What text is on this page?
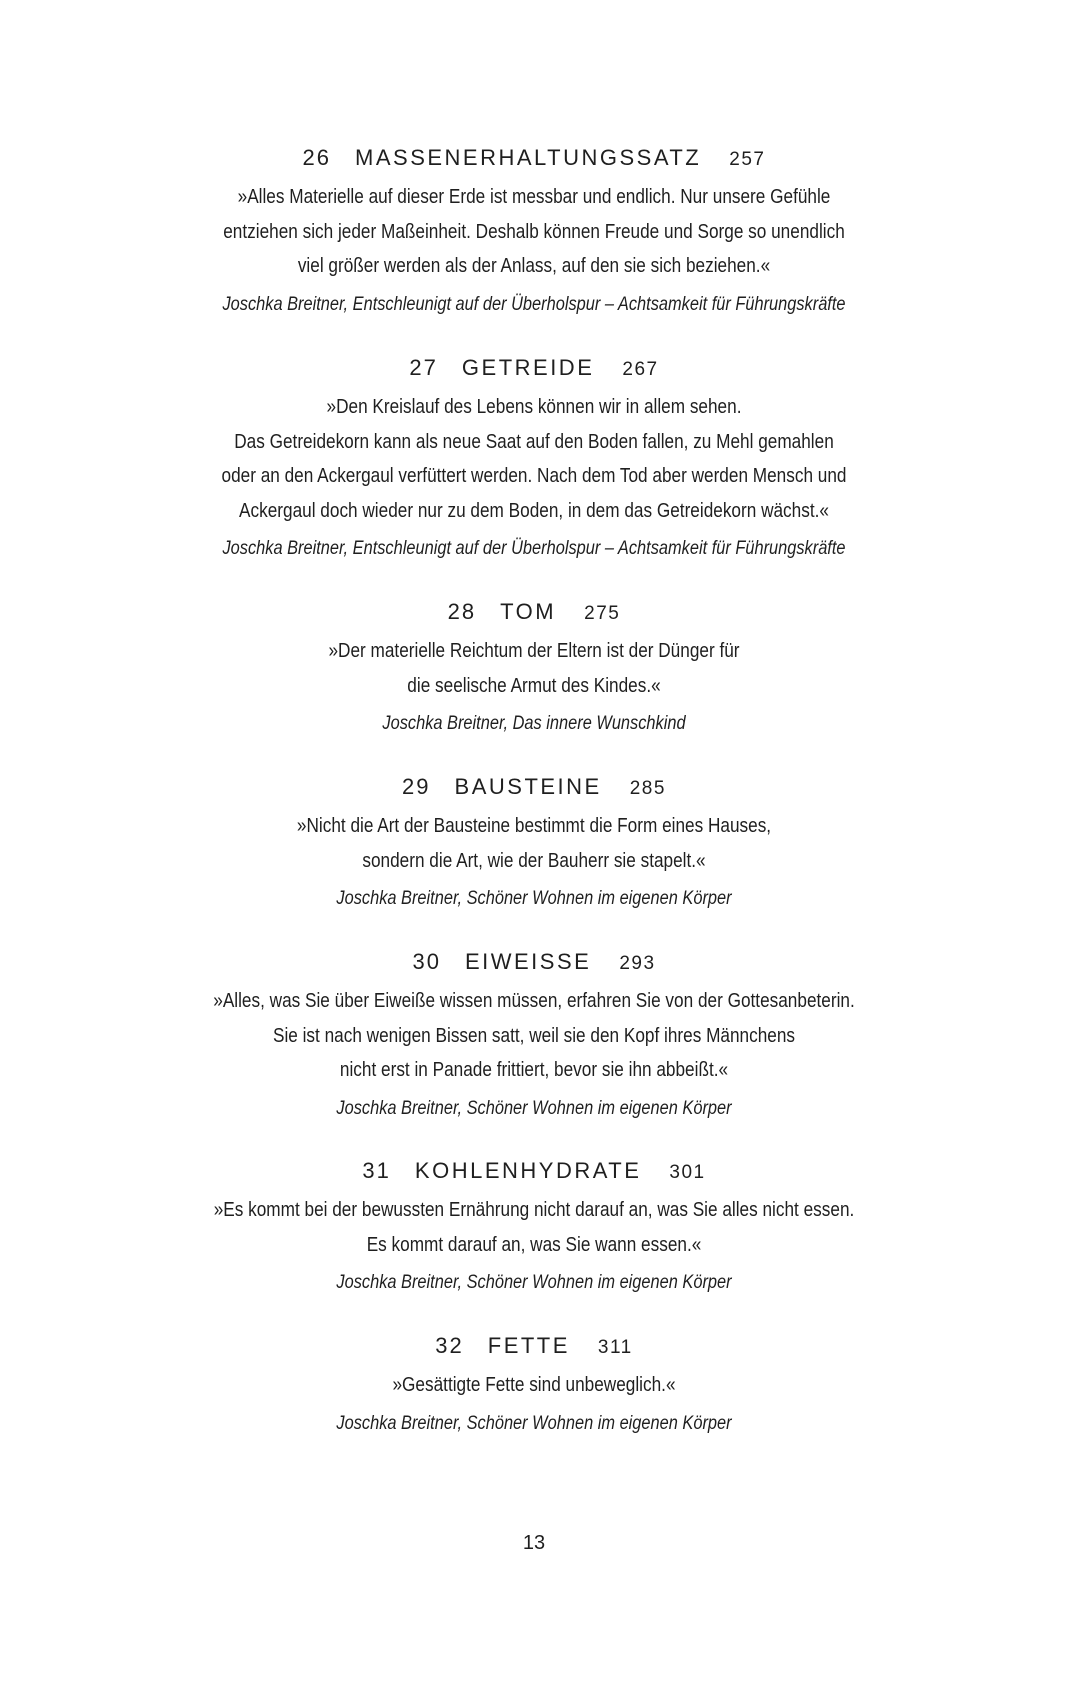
26 MASSENERHALTUNGSSATZ 257
»Alles Materielle auf dieser Erde ist messbar und endlich. Nur unsere Gefühle
entziehen sich jeder Maßeinheit. Deshalb können Freude und Sorge so unendlich
viel größer werden als der Anlass, auf den sie sich beziehen.«
Joschka Breitner, Entschleunigt auf der Überholspur – Achtsamkeit für Führungskräfte
27 GETREIDE 267
»Den Kreislauf des Lebens können wir in allem sehen.
Das Getreidekorn kann als neue Saat auf den Boden fallen, zu Mehl gemahlen
oder an den Ackergaul verfüttert werden. Nach dem Tod aber werden Mensch und
Ackergaul doch wieder nur zu dem Boden, in dem das Getreidekorn wächst.«
Joschka Breitner, Entschleunigt auf der Überholspur – Achtsamkeit für Führungskräfte
28 TOM 275
»Der materielle Reichtum der Eltern ist der Dünger für
die seelische Armut des Kindes.«
Joschka Breitner, Das innere Wunschkind
29 BAUSTEINE 285
»Nicht die Art der Bausteine bestimmt die Form eines Hauses,
sondern die Art, wie der Bauherr sie stapelt.«
Joschka Breitner, Schöner Wohnen im eigenen Körper
30 EIWEISSE 293
»Alles, was Sie über Eiweiße wissen müssen, erfahren Sie von der Gottesanbeterin.
Sie ist nach wenigen Bissen satt, weil sie den Kopf ihres Männchens
nicht erst in Panade frittiert, bevor sie ihn abbeißt.«
Joschka Breitner, Schöner Wohnen im eigenen Körper
31 KOHLENHYDRATE 301
»Es kommt bei der bewussten Ernährung nicht darauf an, was Sie alles nicht essen.
Es kommt darauf an, was Sie wann essen.«
Joschka Breitner, Schöner Wohnen im eigenen Körper
32 FETTE 311
»Gesättigte Fette sind unbeweglich.«
Joschka Breitner, Schöner Wohnen im eigenen Körper
13
